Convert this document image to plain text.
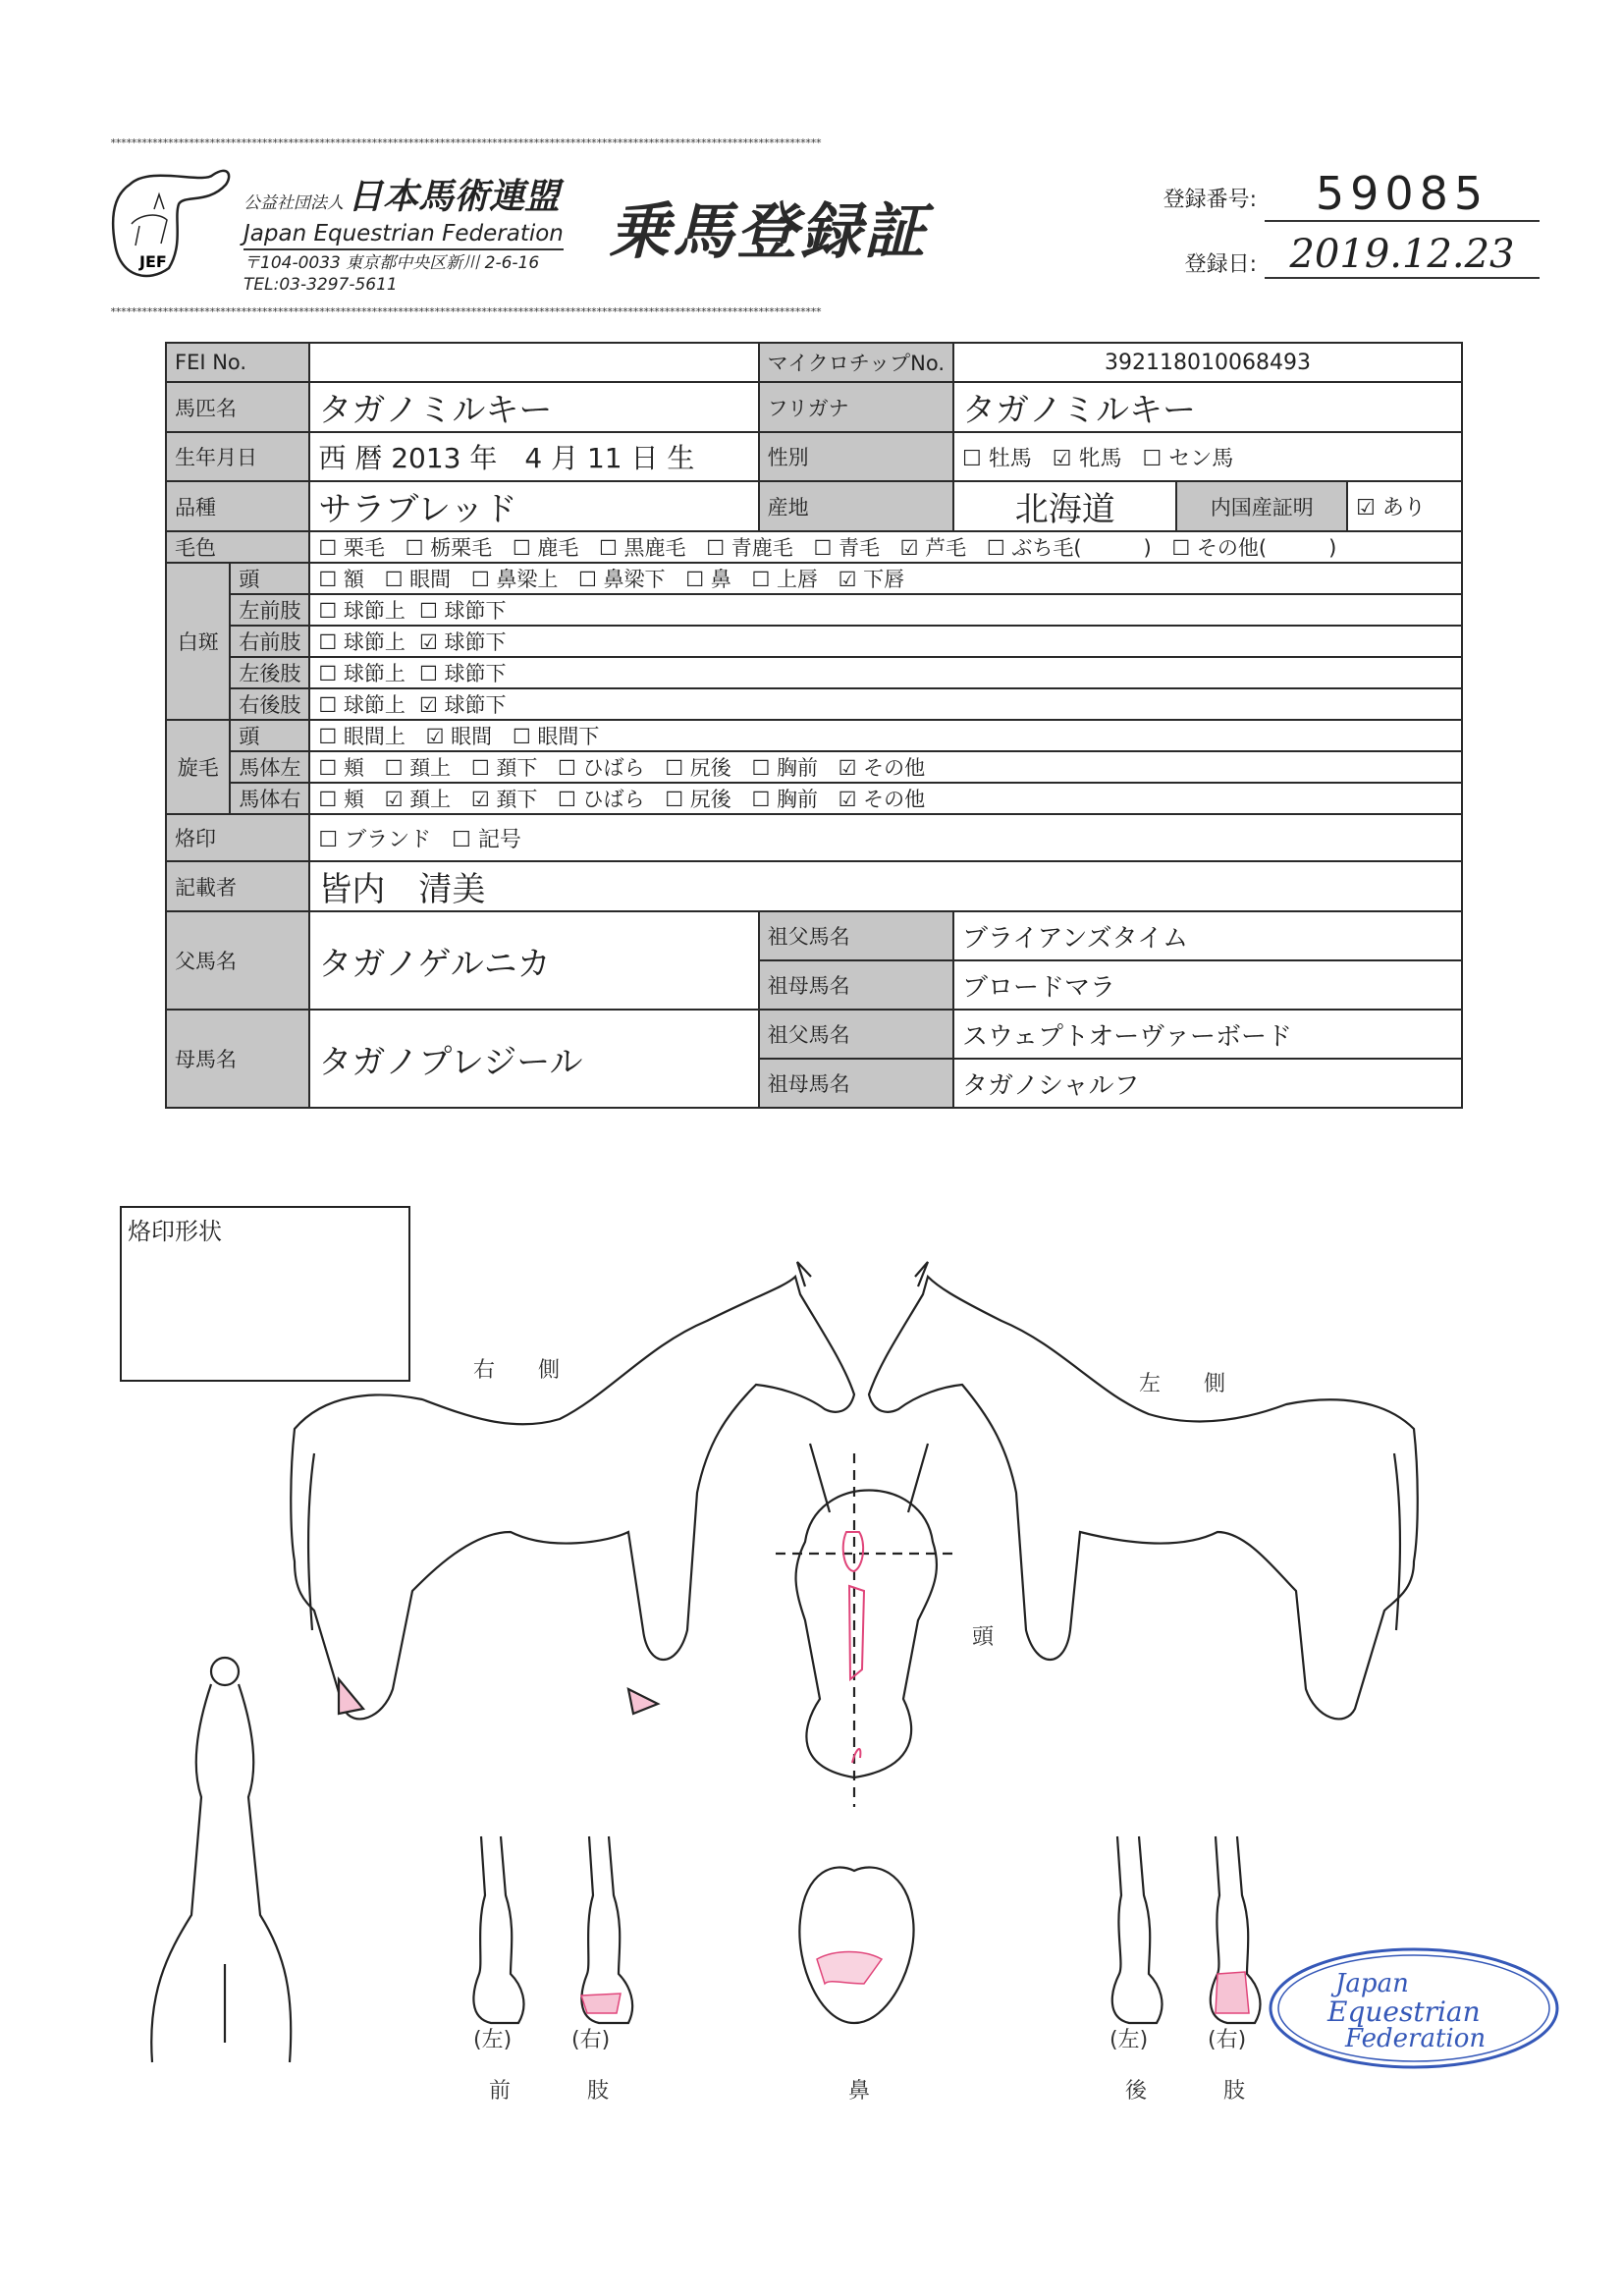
****************************************************************************************************************************************
****************************************************************************************************************************************
JEF
公益社団法人 日本馬術連盟
Japan Equestrian Federation
〒104-0033 東京都中央区新川 2-6-16
TEL:03-3297-5611
乗馬登録証	登録番号:	59085
登録日: 2019.12.23
FEI No.			マイクロチップNo.	392118010068493		
馬匹名		タガノミルキー	フリガナ	タガノミルキー		
生年月日		西 暦 2013 年　4 月 11 日 生	性別	☐ 牡馬 ☑ 牝馬 ☐ セン馬		
品種		サラブレッド	産地	北海道	内国産証明	☑ あり
毛色		☐ 栗毛 ☐ 栃栗毛 ☐ 鹿毛 ☐ 黒鹿毛 ☐ 青鹿毛 ☐ 青毛 ☑ 芦毛 ☐ ぶち毛(　　　) ☐ その他(　　　)				
白斑	頭	☐ 額 ☐ 眼間 ☐ 鼻梁上 ☐ 鼻梁下 ☐ 鼻 ☐ 上唇 ☑ 下唇				
	左前肢	☐ 球節上 ☐ 球節下				
	右前肢	☐ 球節上 ☑ 球節下				
	左後肢	☐ 球節上 ☐ 球節下				
	右後肢	☐ 球節上 ☑ 球節下				
旋毛	頭	☐ 眼間上 ☑ 眼間 ☐ 眼間下				
	馬体左	☐ 頬 ☐ 頚上 ☐ 頚下 ☐ ひばら ☐ 尻後 ☐ 胸前 ☑ その他				
	馬体右	☐ 頬 ☑ 頚上 ☑ 頚下 ☐ ひばら ☐ 尻後 ☐ 胸前 ☑ その他				
烙印		☐ ブランド ☐ 記号				
記載者		皆内　清美				
父馬名		タガノゲルニカ	祖父馬名	ブライアンズタイム		
			祖母馬名	ブロードマラ		
母馬名		タガノプレジール	祖父馬名	スウェプトオーヴァーボード		
			祖母馬名	タガノシャルフ		
烙印形状
右　　側
左　　側
頭
鼻
(左)	(右)
前	肢
(左)	(右)
後	肢
Japan
Equestrian
Federation
